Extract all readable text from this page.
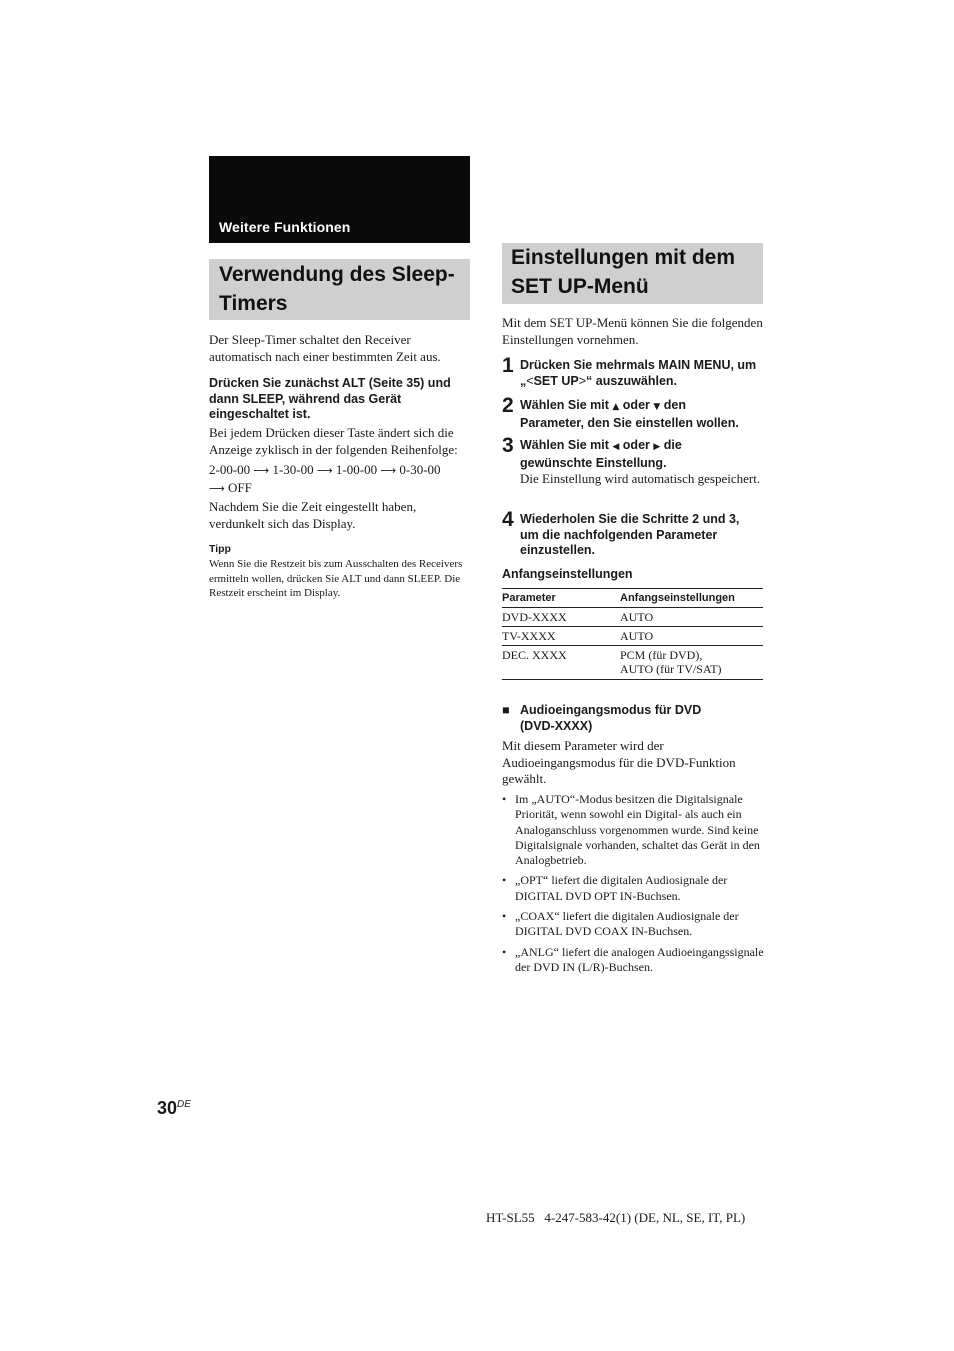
Weitere Funktionen
Verwendung des Sleep-Timers
Der Sleep-Timer schaltet den Receiver automatisch nach einer bestimmten Zeit aus.
Drücken Sie zunächst ALT (Seite 35) und dann SLEEP, während das Gerät eingeschaltet ist.
Bei jedem Drücken dieser Taste ändert sich die Anzeige zyklisch in der folgenden Reihenfolge:
2-00-00 ⟶ 1-30-00 ⟶ 1-00-00 ⟶ 0-30-00
⟶ OFF
Nachdem Sie die Zeit eingestellt haben, verdunkelt sich das Display.
Tipp
Wenn Sie die Restzeit bis zum Ausschalten des Receivers ermitteln wollen, drücken Sie ALT und dann SLEEP. Die Restzeit erscheint im Display.
Einstellungen mit dem SET UP-Menü
Mit dem SET UP-Menü können Sie die folgenden Einstellungen vornehmen.
1 Drücken Sie mehrmals MAIN MENU, um
„<SET UP>“ auszuwählen.
2 Wählen Sie mit ▲ oder ▼ den
Parameter, den Sie einstellen wollen.
3 Wählen Sie mit ◀ oder ▶ die
gewünschte Einstellung.
Die Einstellung wird automatisch gespeichert.
4 Wiederholen Sie die Schritte 2 und 3, um die nachfolgenden Parameter einzustellen.
Anfangseinstellungen
Parameter	Anfangseinstellungen
DVD-XXXX	AUTO
TV-XXXX	AUTO
DEC. XXXX	PCM (für DVD),
AUTO (für TV/SAT)
■ Audioeingangsmodus für DVD
(DVD-XXXX)
Mit diesem Parameter wird der Audioeingangsmodus für die DVD-Funktion gewählt.
• Im „AUTO“-Modus besitzen die Digitalsignale Priorität, wenn sowohl ein Digital- als auch ein Analoganschluss vorgenommen wurde. Sind keine Digitalsignale vorhanden, schaltet das Gerät in den Analogbetrieb.
• „OPT“ liefert die digitalen Audiosignale der DIGITAL DVD OPT IN-Buchsen.
• „COAX“ liefert die digitalen Audiosignale der DIGITAL DVD COAX IN-Buchsen.
• „ANLG“ liefert die analogen Audioeingangssignale der DVD IN (L/R)-Buchsen.
30DE
HT-SL55   4-247-583-42(1) (DE, NL, SE, IT, PL)
